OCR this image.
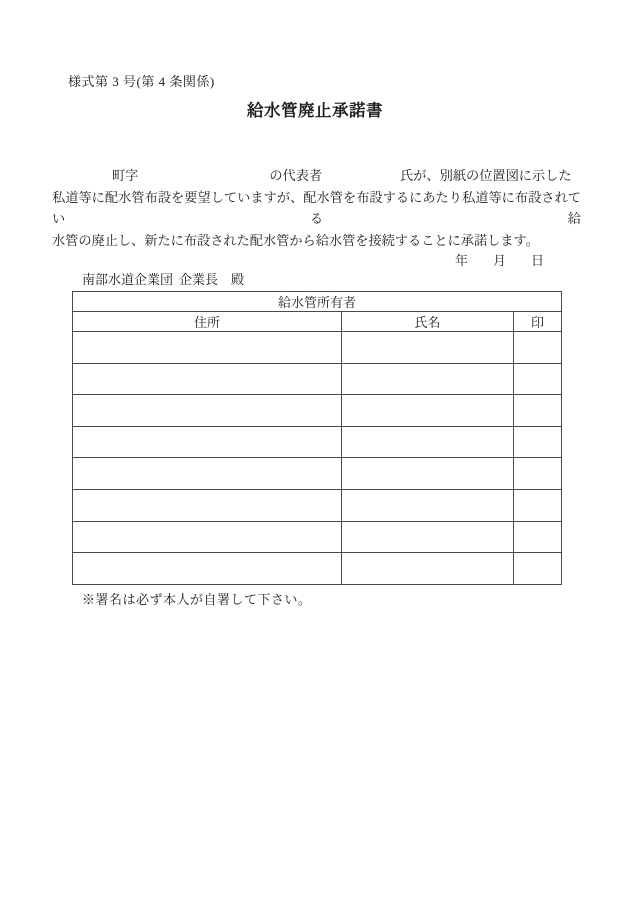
様式第 3 号(第 4 条関係)
給水管廃止承諾書
町字	の代表者	氏が、別紙の位置図に示した
私道等に配水管布設を要望していますが、配水管を布設するにあたり私道等に布設されている給
水管の廃止し、新たに布設された配水管から給水管を接続することに承諾します。
年 月 日
南部水道企業団 企業長 殿
給水管所有者		
住所	氏名	印

※署名は必ず本人が自署して下さい。
